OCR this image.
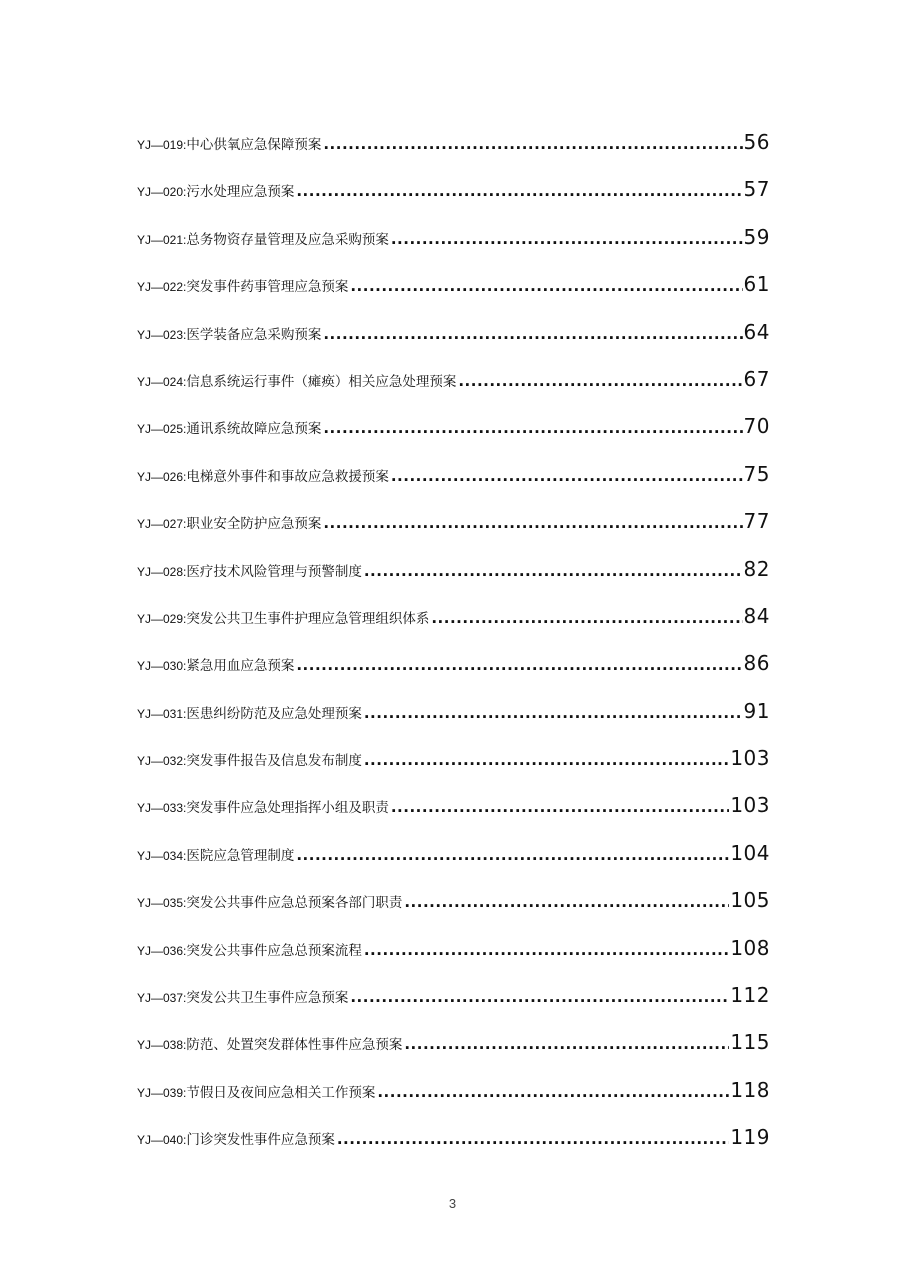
YJ—019: 中心供氧应急保障预案 .....	56
YJ—020: 污水处理应急预案 .....	57
YJ—021: 总务物资存量管理及应急采购预案 .....	59
YJ—022: 突发事件药事管理应急预案 .....	61
YJ—023: 医学装备应急采购预案 .....	64
YJ—024: 信息系统运行事件（瘫痪）相关应急处理预案 .....	67
YJ—025: 通讯系统故障应急预案 .....	70
YJ—026: 电梯意外事件和事故应急救援预案 .....	75
YJ—027: 职业安全防护应急预案 .....	77
YJ—028: 医疗技术风险管理与预警制度 .....	82
YJ—029: 突发公共卫生事件护理应急管理组织体系 .....	84
YJ—030: 紧急用血应急预案 .....	86
YJ—031: 医患纠纷防范及应急处理预案 .....	91
YJ—032: 突发事件报告及信息发布制度 .....	103
YJ—033: 突发事件应急处理指挥小组及职责 .....	103
YJ—034: 医院应急管理制度 .....	104
YJ—035: 突发公共事件应急总预案各部门职责 .....	105
YJ—036: 突发公共事件应急总预案流程 .....	108
YJ—037: 突发公共卫生事件应急预案 .....	112
YJ—038: 防范、处置突发群体性事件应急预案 .....	115
YJ—039: 节假日及夜间应急相关工作预案 .....	118
YJ—040: 门诊突发性事件应急预案 .....	119
3
